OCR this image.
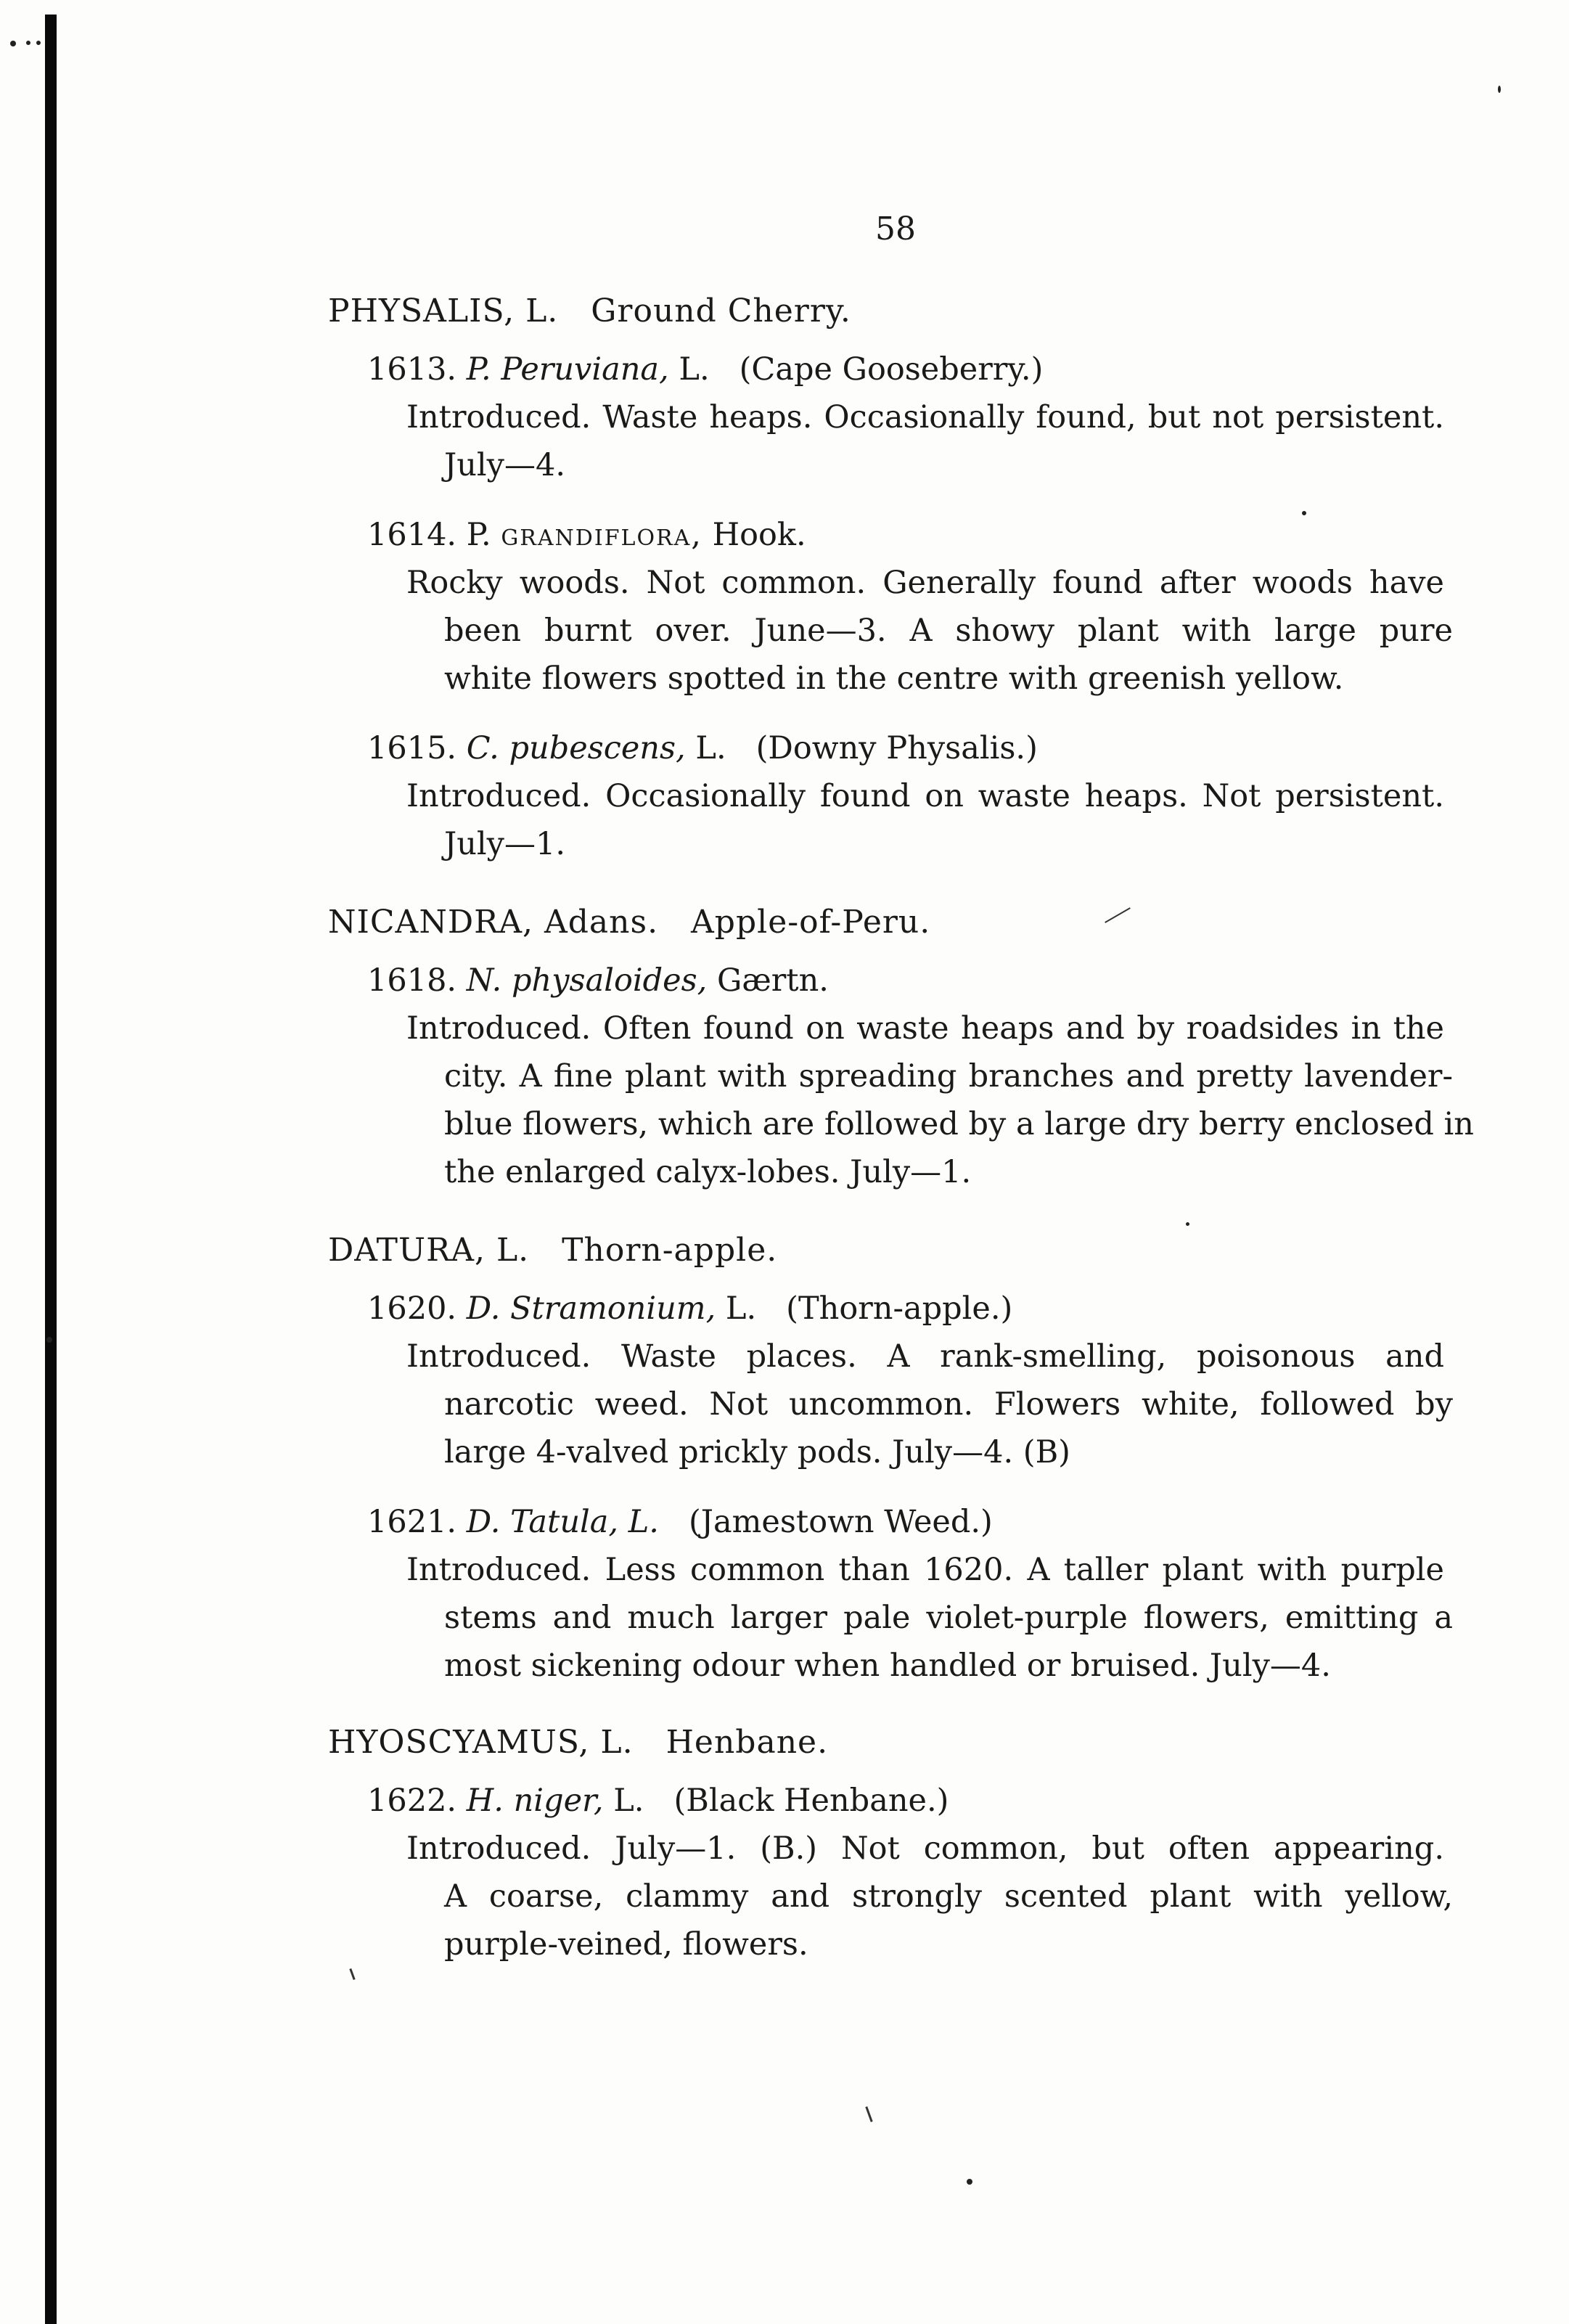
58
PHYSALIS, L. Ground Cherry.
1613. P. Peruviana, L. (Cape Gooseberry.)
Introduced. Waste heaps. Occasionally found, but not persistent.
July—4.
1614. P. grandiflora, Hook.
Rocky woods. Not common. Generally found after woods have
been burnt over. June—3. A showy plant with large pure
white flowers spotted in the centre with greenish yellow.
1615. C. pubescens, L. (Downy Physalis.)
Introduced. Occasionally found on waste heaps. Not persistent.
July—1.
NICANDRA, Adans. Apple-of-Peru.
1618. N. physaloides, Gærtn.
Introduced. Often found on waste heaps and by roadsides in the
city. A fine plant with spreading branches and pretty lavender-
blue flowers, which are followed by a large dry berry enclosed in
the enlarged calyx-lobes. July—1.
DATURA, L. Thorn-apple.
1620. D. Stramonium, L. (Thorn-apple.)
Introduced. Waste places. A rank-smelling, poisonous and
narcotic weed. Not uncommon. Flowers white, followed by
large 4-valved prickly pods. July—4. (B)
1621. D. Tatula, L. (Jamestown Weed.)
Introduced. Less common than 1620. A taller plant with purple
stems and much larger pale violet-purple flowers, emitting a
most sickening odour when handled or bruised. July—4.
HYOSCYAMUS, L. Henbane.
1622. H. niger, L. (Black Henbane.)
Introduced. July—1. (B.) Not common, but often appearing.
A coarse, clammy and strongly scented plant with yellow,
purple-veined, flowers.
